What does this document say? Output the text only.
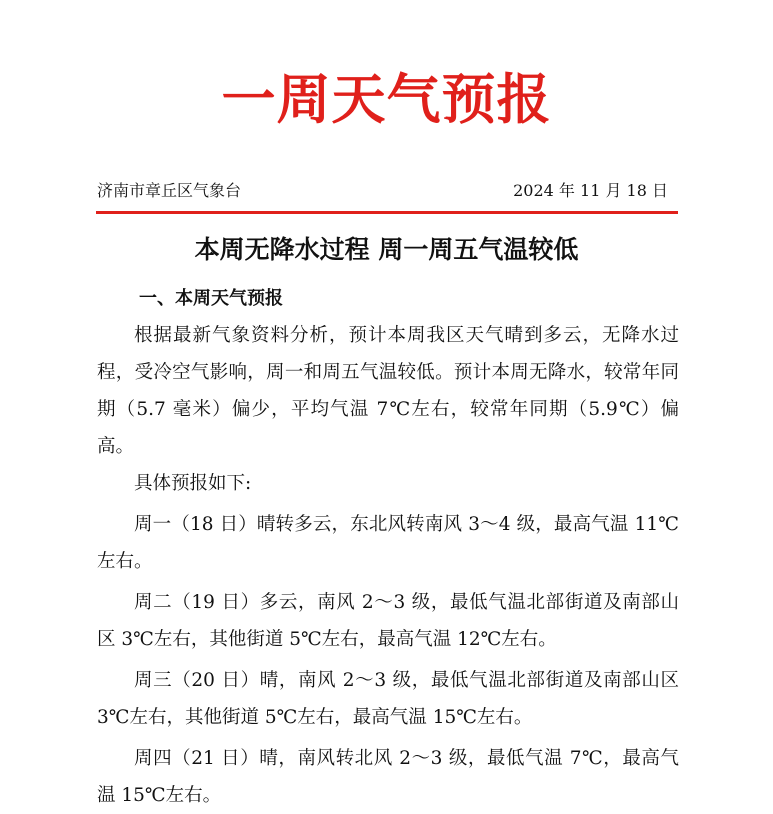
一周天气预报
济南市章丘区气象台	2024 年 11 月 18 日
本周无降水过程 周一周五气温较低
一、本周天气预报

根据最新气象资料分析，预计本周我区天气晴到多云，无降水过程，受冷空气影响，周一和周五气温较低。预计本周无降水，较常年同期（5.7 毫米）偏少，平均气温 7℃左右，较常年同期（5.9℃）偏高。

具体预报如下:

周一（18 日）晴转多云，东北风转南风 3～4 级，最高气温 11℃左右。

周二（19 日）多云，南风 2～3 级，最低气温北部街道及南部山区 3℃左右，其他街道 5℃左右，最高气温 12℃左右。

周三（20 日）晴，南风 2～3 级，最低气温北部街道及南部山区 3℃左右，其他街道 5℃左右，最高气温 15℃左右。

周四（21 日）晴，南风转北风 2～3 级，最低气温 7℃，最高气温 15℃左右。
